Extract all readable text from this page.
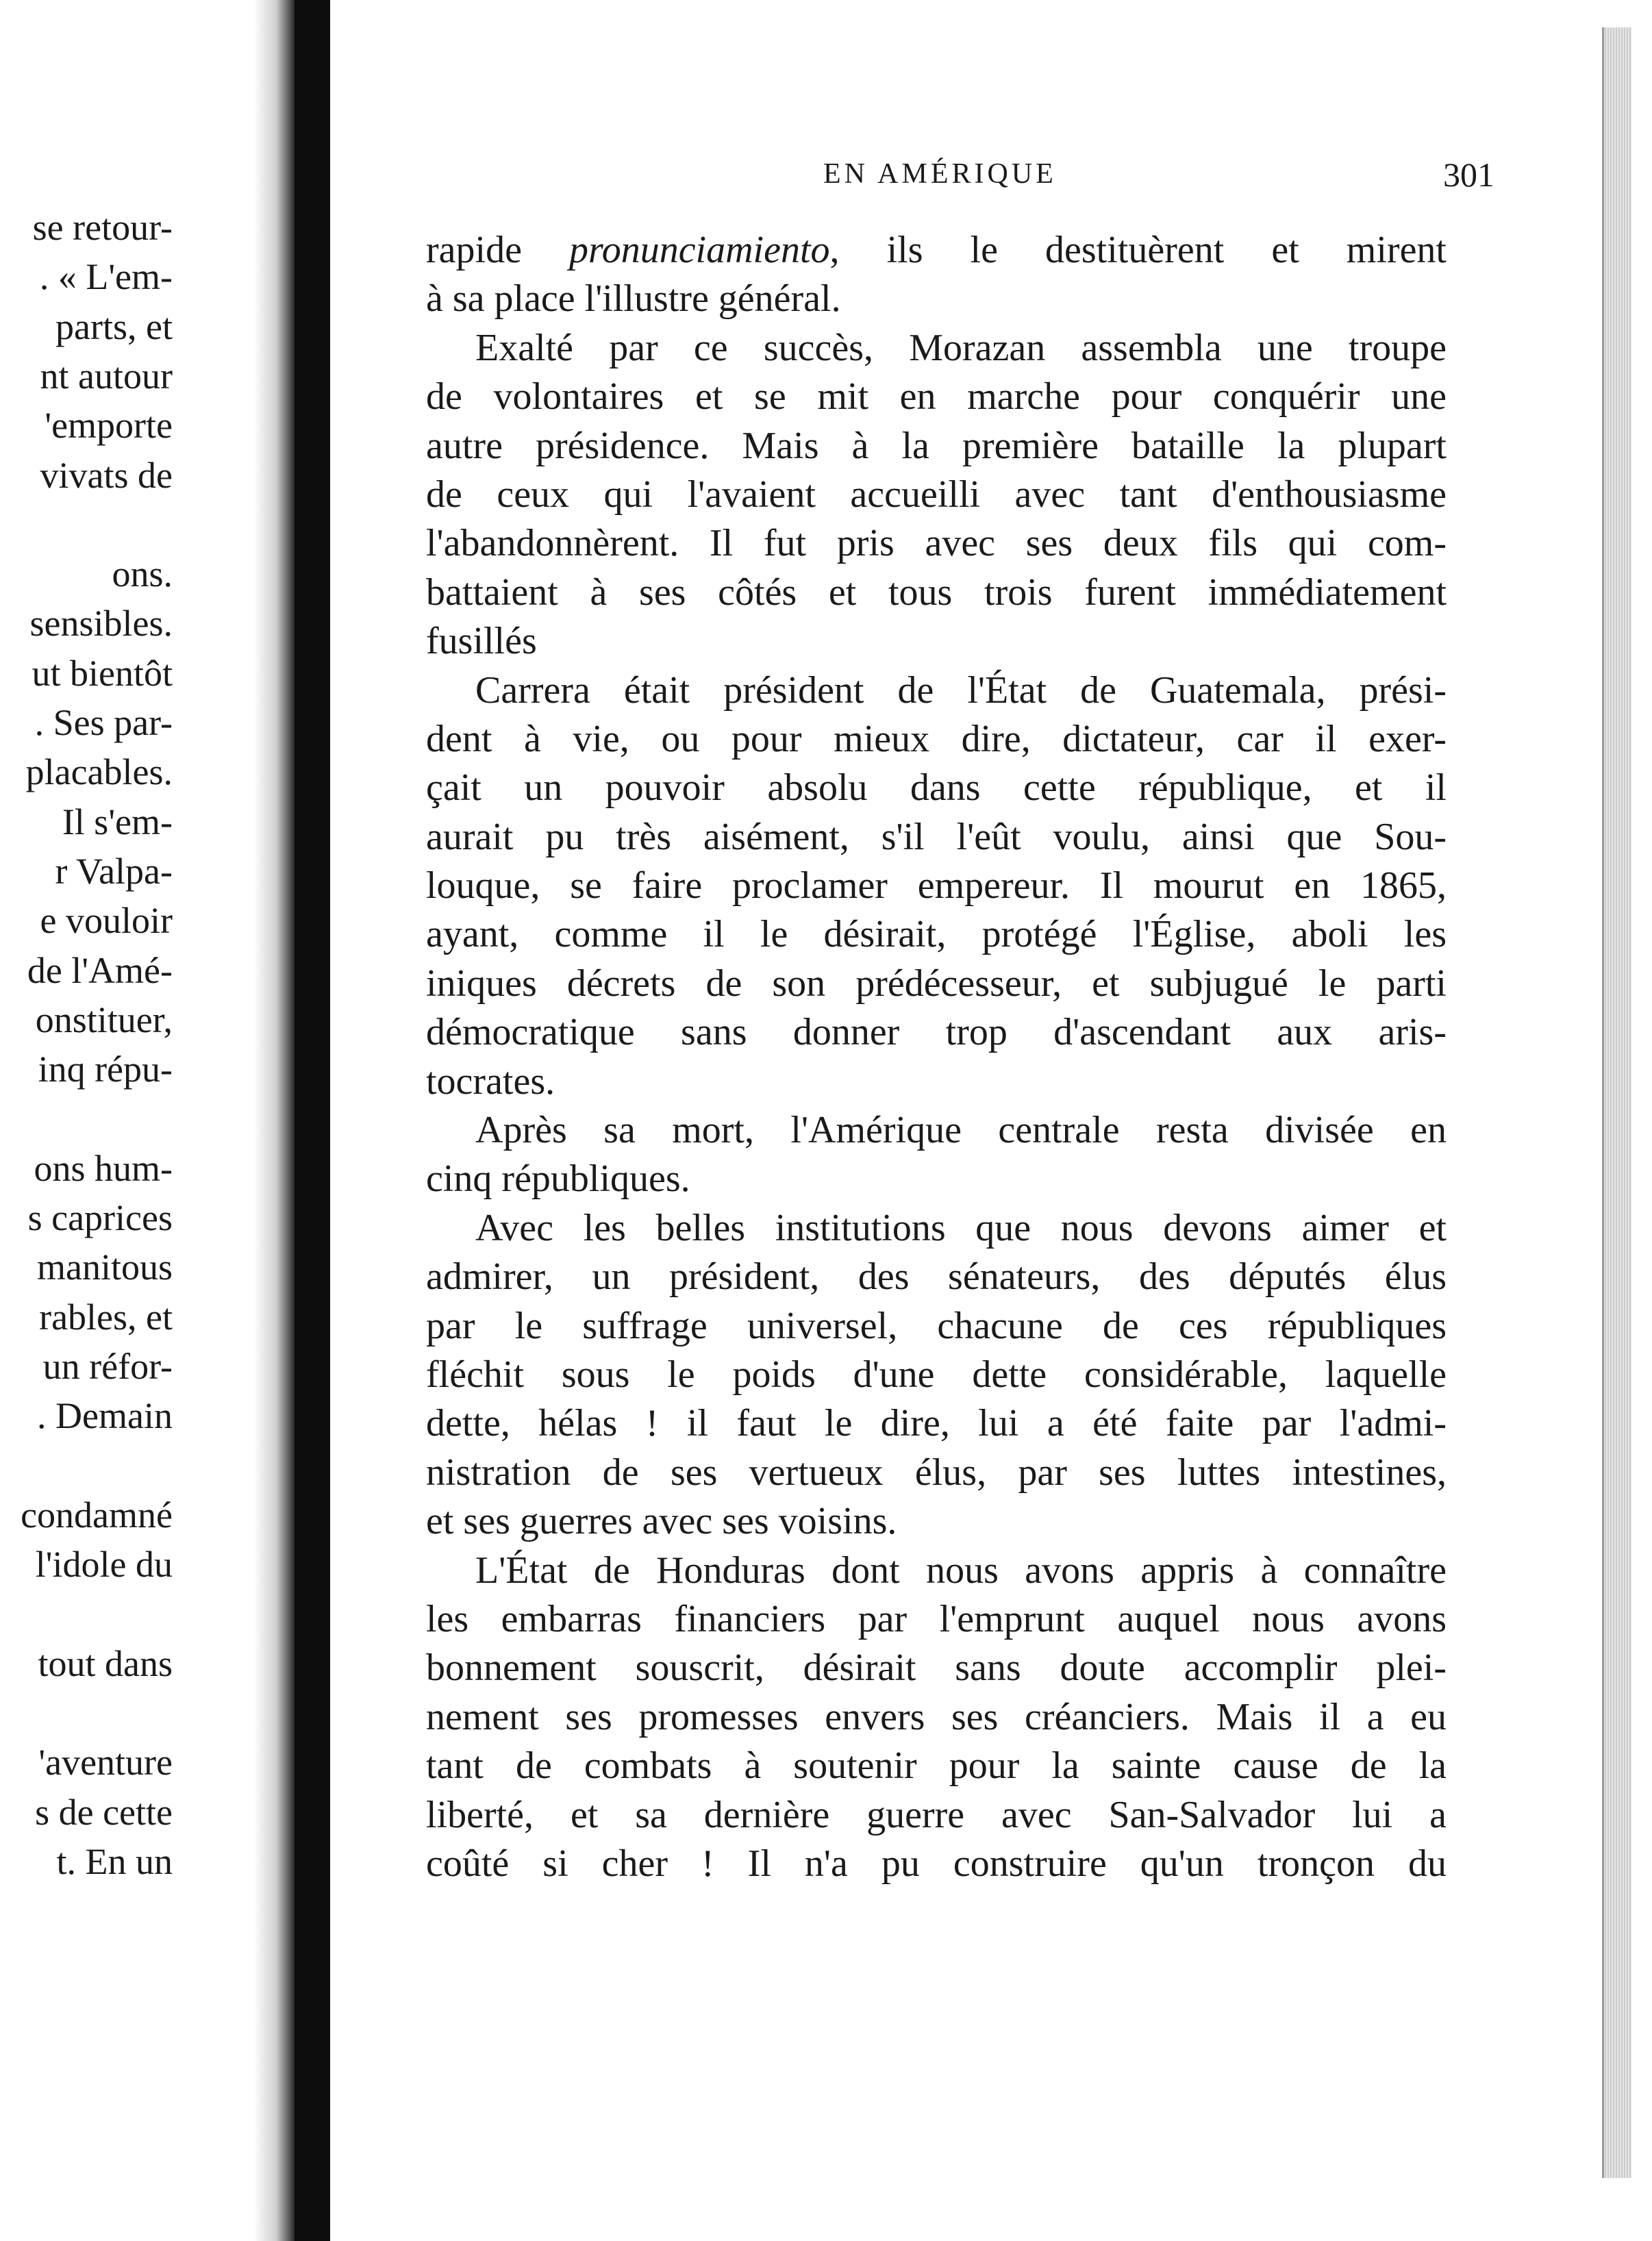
se retour-
. « L'em-
parts, et
nt autour
'emporte
vivats de
ons.
sensibles.
ut bientôt
. Ses par-
placables.
Il s'em-
r Valpa-
e vouloir
de l'Amé-
onstituer,
inq répu-
ons hum-
s caprices
manitous
rables, et
un réfor-
. Demain
condamné
l'idole du
tout dans
'aventure
s de cette
t. En un
EN AMÉRIQUE	301
rapide pronunciamiento, ils le destituèrent et mirent
à sa place l'illustre général.
Exalté par ce succès, Morazan assembla une troupe
de volontaires et se mit en marche pour conquérir une
autre présidence. Mais à la première bataille la plupart
de ceux qui l'avaient accueilli avec tant d'enthousiasme
l'abandonnèrent. Il fut pris avec ses deux fils qui com-
battaient à ses côtés et tous trois furent immédiatement
fusillés
Carrera était président de l'État de Guatemala, prési-
dent à vie, ou pour mieux dire, dictateur, car il exer-
çait un pouvoir absolu dans cette république, et il
aurait pu très aisément, s'il l'eût voulu, ainsi que Sou-
louque, se faire proclamer empereur. Il mourut en 1865,
ayant, comme il le désirait, protégé l'Église, aboli les
iniques décrets de son prédécesseur, et subjugué le parti
démocratique sans donner trop d'ascendant aux aris-
tocrates.
Après sa mort, l'Amérique centrale resta divisée en
cinq républiques.
Avec les belles institutions que nous devons aimer et
admirer, un président, des sénateurs, des députés élus
par le suffrage universel, chacune de ces républiques
fléchit sous le poids d'une dette considérable, laquelle
dette, hélas ! il faut le dire, lui a été faite par l'admi-
nistration de ses vertueux élus, par ses luttes intestines,
et ses guerres avec ses voisins.
L'État de Honduras dont nous avons appris à connaître
les embarras financiers par l'emprunt auquel nous avons
bonnement souscrit, désirait sans doute accomplir plei-
nement ses promesses envers ses créanciers. Mais il a eu
tant de combats à soutenir pour la sainte cause de la
liberté, et sa dernière guerre avec San-Salvador lui a
coûté si cher ! Il n'a pu construire qu'un tronçon du
